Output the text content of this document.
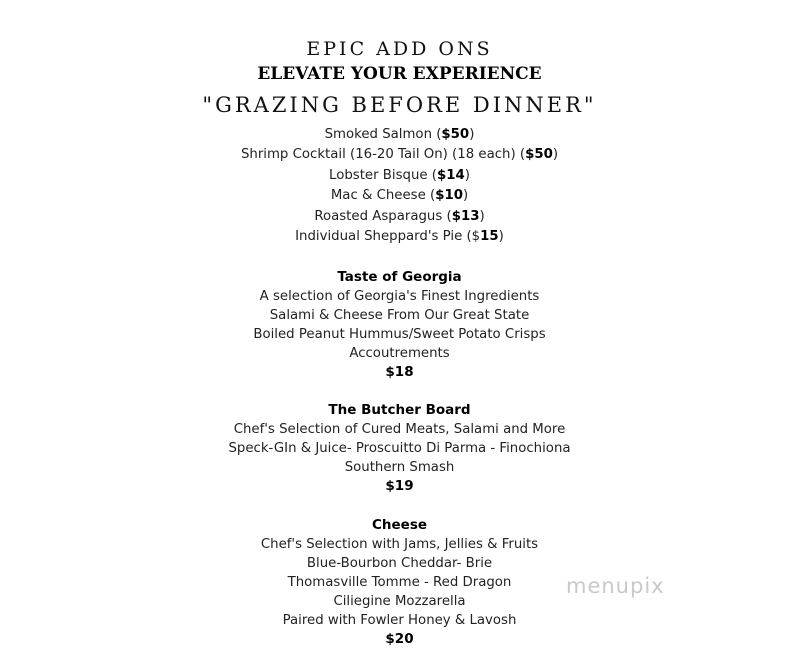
EPIC ADD ONS
ELEVATE YOUR EXPERIENCE
"GRAZING BEFORE DINNER"
Smoked Salmon ($50)
Shrimp Cocktail (16-20 Tail On) (18 each) ($50)
Lobster Bisque ($14)
Mac & Cheese ($10)
Roasted Asparagus ($13)
Individual Sheppard's Pie ($15)
Taste of Georgia
A selection of Georgia's Finest Ingredients
Salami & Cheese From Our Great State
Boiled Peanut Hummus/Sweet Potato Crisps
Accoutrements
$18
The Butcher Board
Chef's Selection of Cured Meats, Salami and More
Speck-GIn & Juice- Proscuitto Di Parma - Finochiona
Southern Smash
$19
Cheese
Chef's Selection with Jams, Jellies & Fruits
Blue-Bourbon Cheddar- Brie
Thomasville Tomme - Red Dragon
Ciliegine Mozzarella
Paired with Fowler Honey & Lavosh
$20
menupix
